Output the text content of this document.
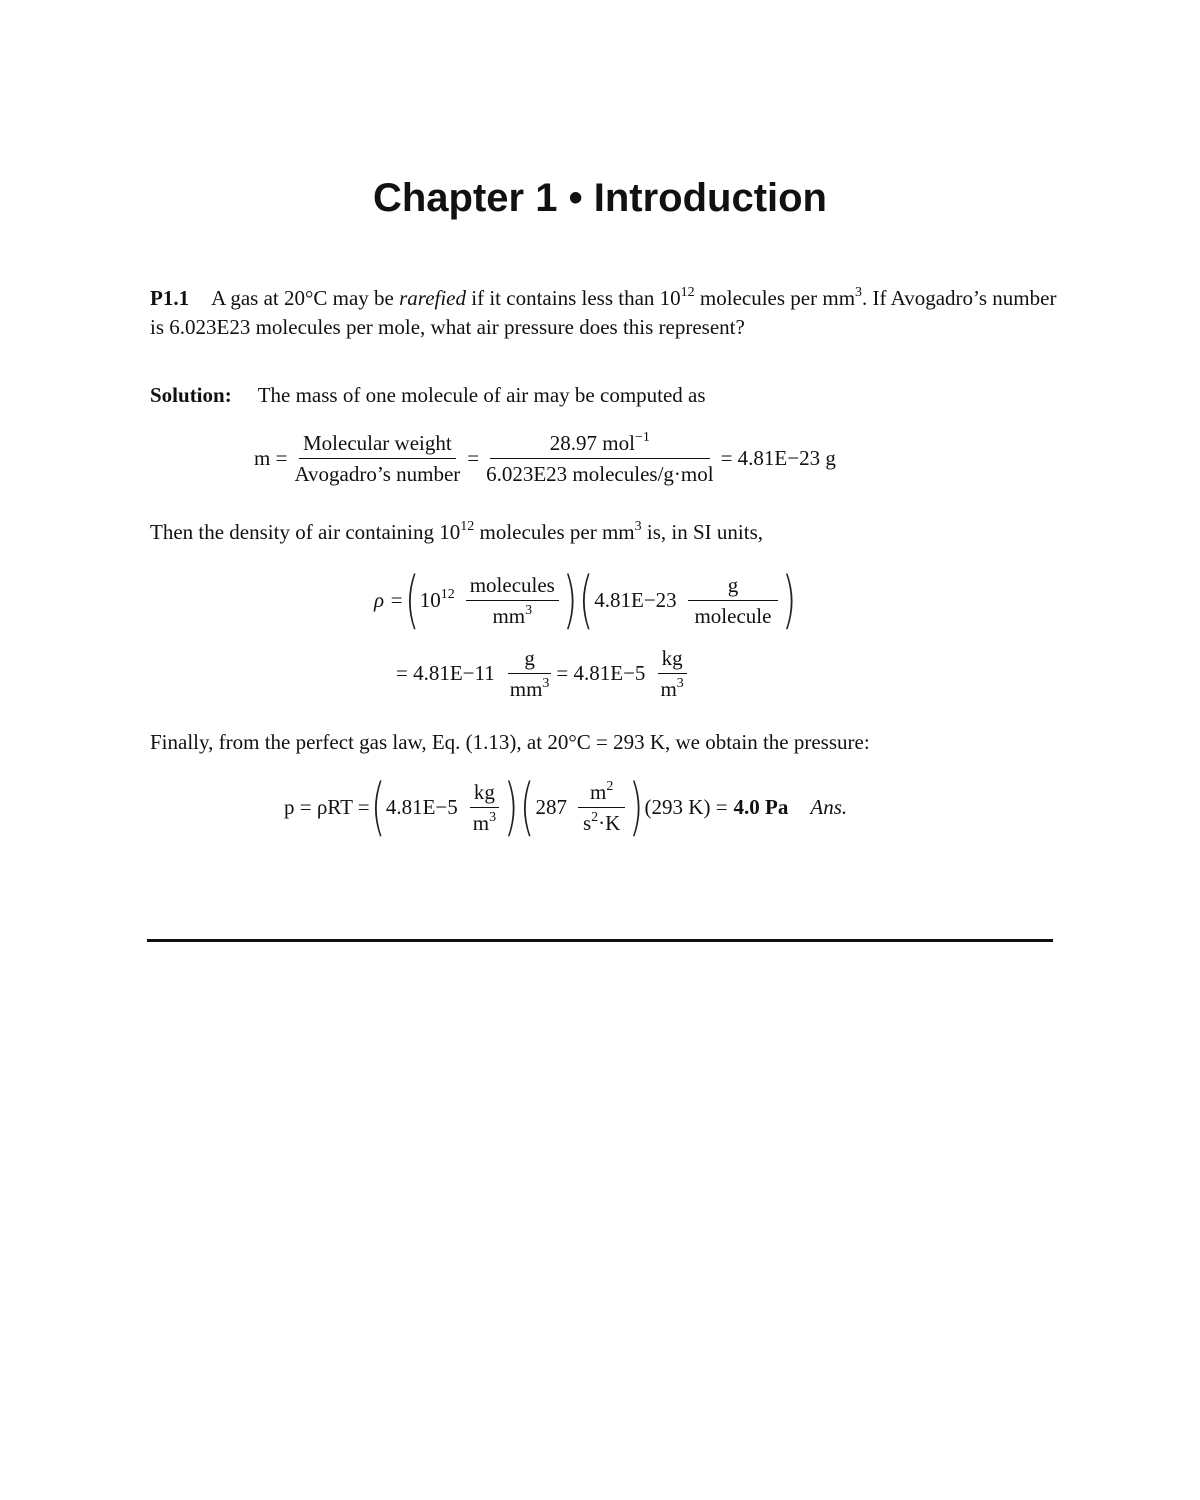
Chapter 1 • Introduction
P1.1 A gas at 20°C may be rarefied if it contains less than $10^{12}$ molecules per $mm^3$. If Avogadro’s number is 6.023E23 molecules per mole, what air pressure does this represent?
Solution: The mass of one molecule of air may be computed as
$m = \frac{\text{Molecular weight}}{\text{Avogadro’s number}} = \frac{28.97 mol^{-1}}{\text{6.023E23 molecules/g·mol}} = 4.81E-23$ g
Then the density of air containing $10^{12}$ molecules per $mm^3$ is, in SI units,
ρ = ( $10^{12} \frac{\text{molecules}}{mm^3}$ ) ( $4.81E-23 \frac{g}{\text{molecule}}$ )
= $4.81E-11 \frac{g}{mm^3} = 4.81E-5 \frac{kg}{m^3}$
Finally, from the perfect gas law, Eq. (1.13), at 20°C = 293 K, we obtain the pressure:
p = ρRT = ( $4.81E-5 \frac{kg}{m^3}$ ) ( $287 \frac{m^2}{s^2\cdot K}$ ) (293 K) = 4.0 Pa Ans.
